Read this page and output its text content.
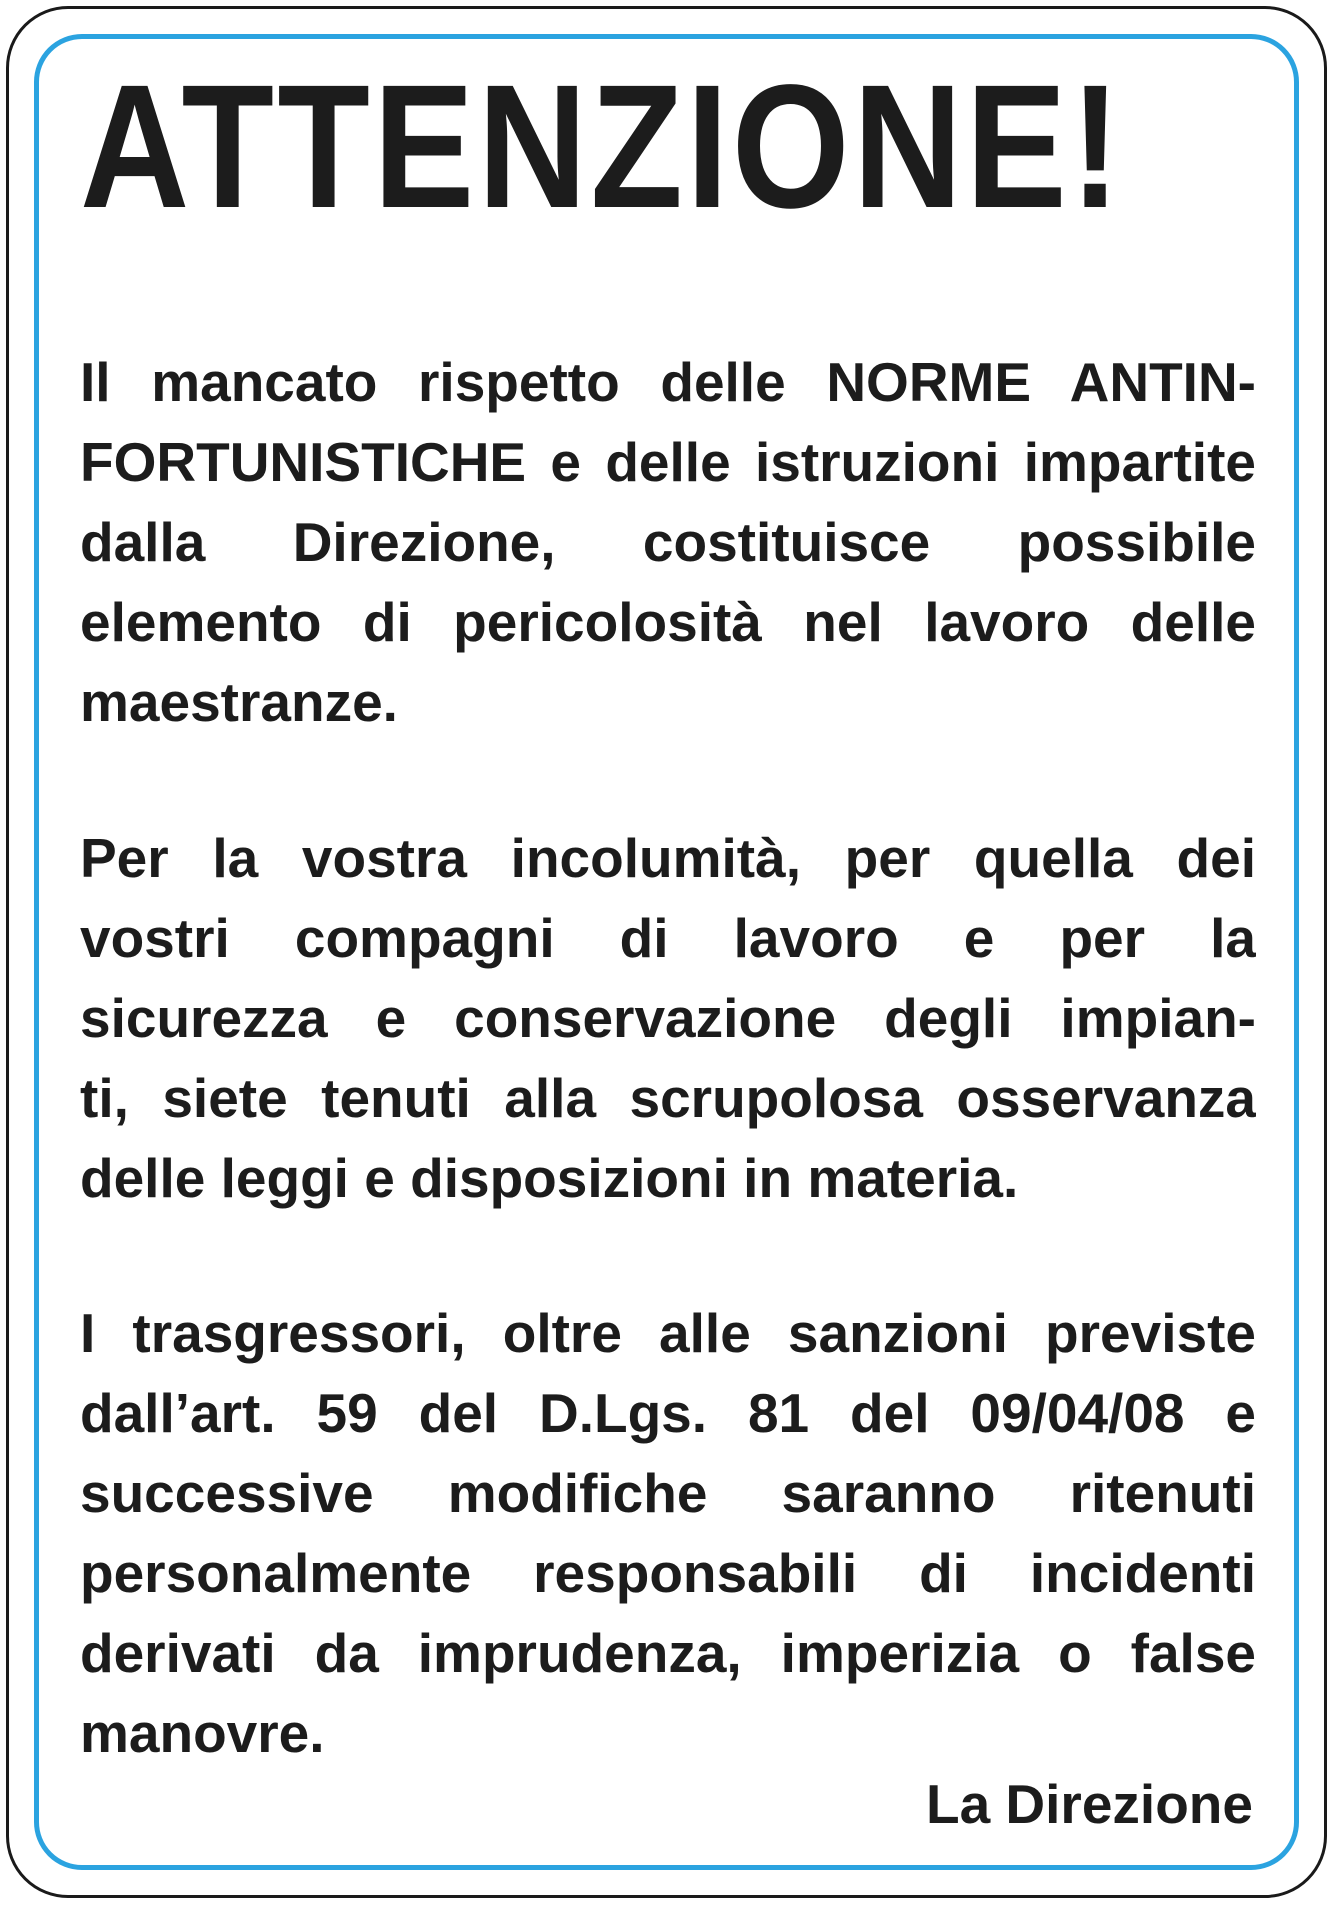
ATTENZIONE!
Il mancato rispetto delle NORME ANTIN-
FORTUNISTICHE e delle istruzioni impartite
dalla Direzione, costituisce possibile
elemento di pericolosità nel lavoro delle
maestranze.
Per la vostra incolumità, per quella dei
vostri compagni di lavoro e per la
sicurezza e conservazione degli impian-
ti, siete tenuti alla scrupolosa osservanza
delle leggi e disposizioni in materia.
I trasgressori, oltre alle sanzioni previste
dall’art. 59 del D.Lgs. 81 del 09/04/08 e
successive modifiche saranno ritenuti
personalmente responsabili di incidenti
derivati da imprudenza, imperizia o false
manovre.

La Direzione
